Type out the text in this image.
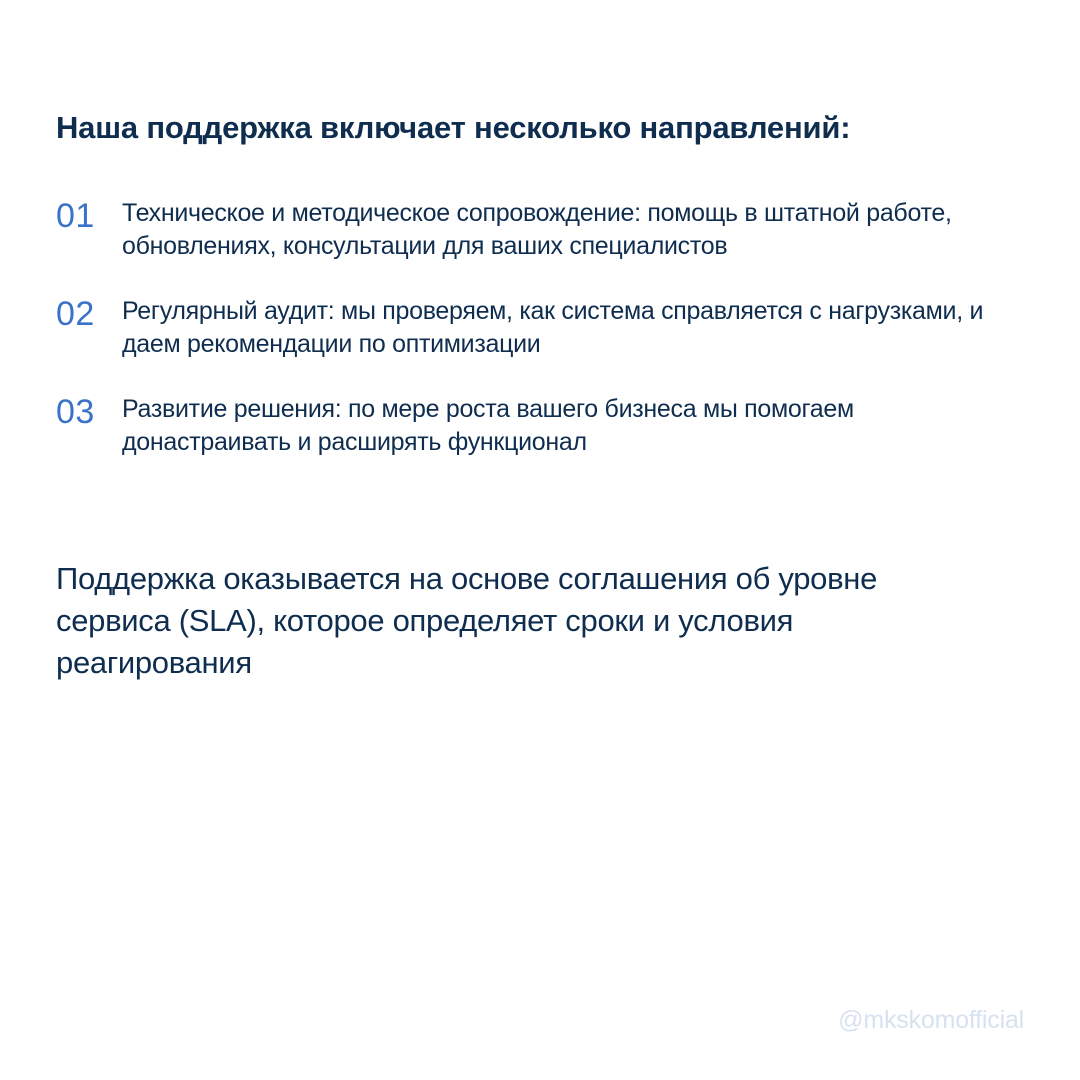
Наша поддержка включает несколько направлений:
01 Техническое и методическое сопровождение: помощь в штатной работе, обновлениях, консультации для ваших специалистов

02 Регулярный аудит: мы проверяем, как система справляется с нагрузками, и даем рекомендации по оптимизации

03 Развитие решения: по мере роста вашего бизнеса мы помогаем донастраивать и расширять функционал

Поддержка оказывается на основе соглашения об уровне сервиса (SLA), которое определяет сроки и условия реагирования

@mkskomofficial
